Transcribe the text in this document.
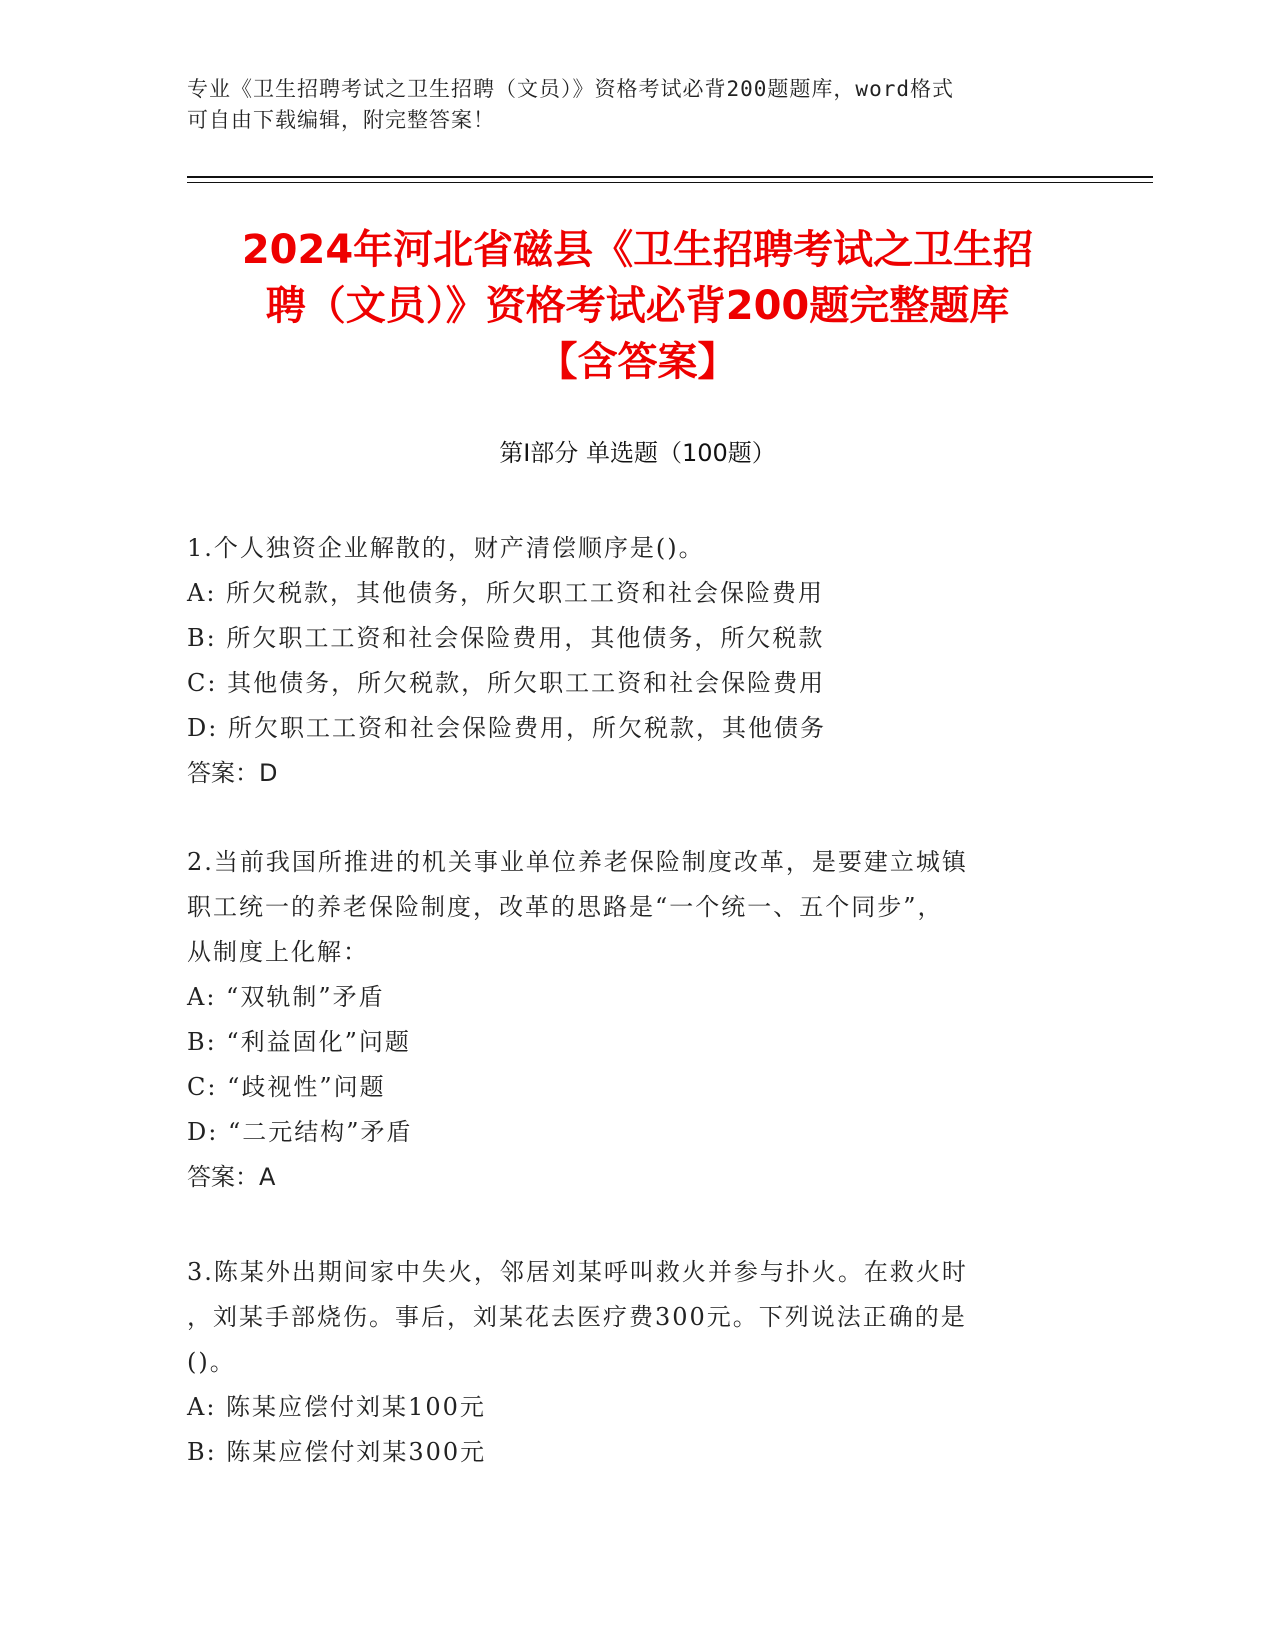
专业《卫生招聘考试之卫生招聘（文员）》资格考试必背200题题库，word格式
可自由下载编辑，附完整答案！
2024年河北省磁县《卫生招聘考试之卫生招
聘（文员）》资格考试必背200题完整题库
【含答案】
第I部分 单选题（100题）
1.个人独资企业解散的，财产清偿顺序是()。
A: 所欠税款，其他债务，所欠职工工资和社会保险费用
B: 所欠职工工资和社会保险费用，其他债务，所欠税款
C: 其他债务，所欠税款，所欠职工工资和社会保险费用
D: 所欠职工工资和社会保险费用，所欠税款，其他债务
答案：D
2.当前我国所推进的机关事业单位养老保险制度改革，是要建立城镇
职工统一的养老保险制度，改革的思路是“一个统一、五个同步”，
从制度上化解：
A: “双轨制”矛盾
B: “利益固化”问题
C: “歧视性”问题
D: “二元结构”矛盾
答案：A
3.陈某外出期间家中失火，邻居刘某呼叫救火并参与扑火。在救火时
，刘某手部烧伤。事后，刘某花去医疗费300元。下列说法正确的是
()。
A: 陈某应偿付刘某100元
B: 陈某应偿付刘某300元
